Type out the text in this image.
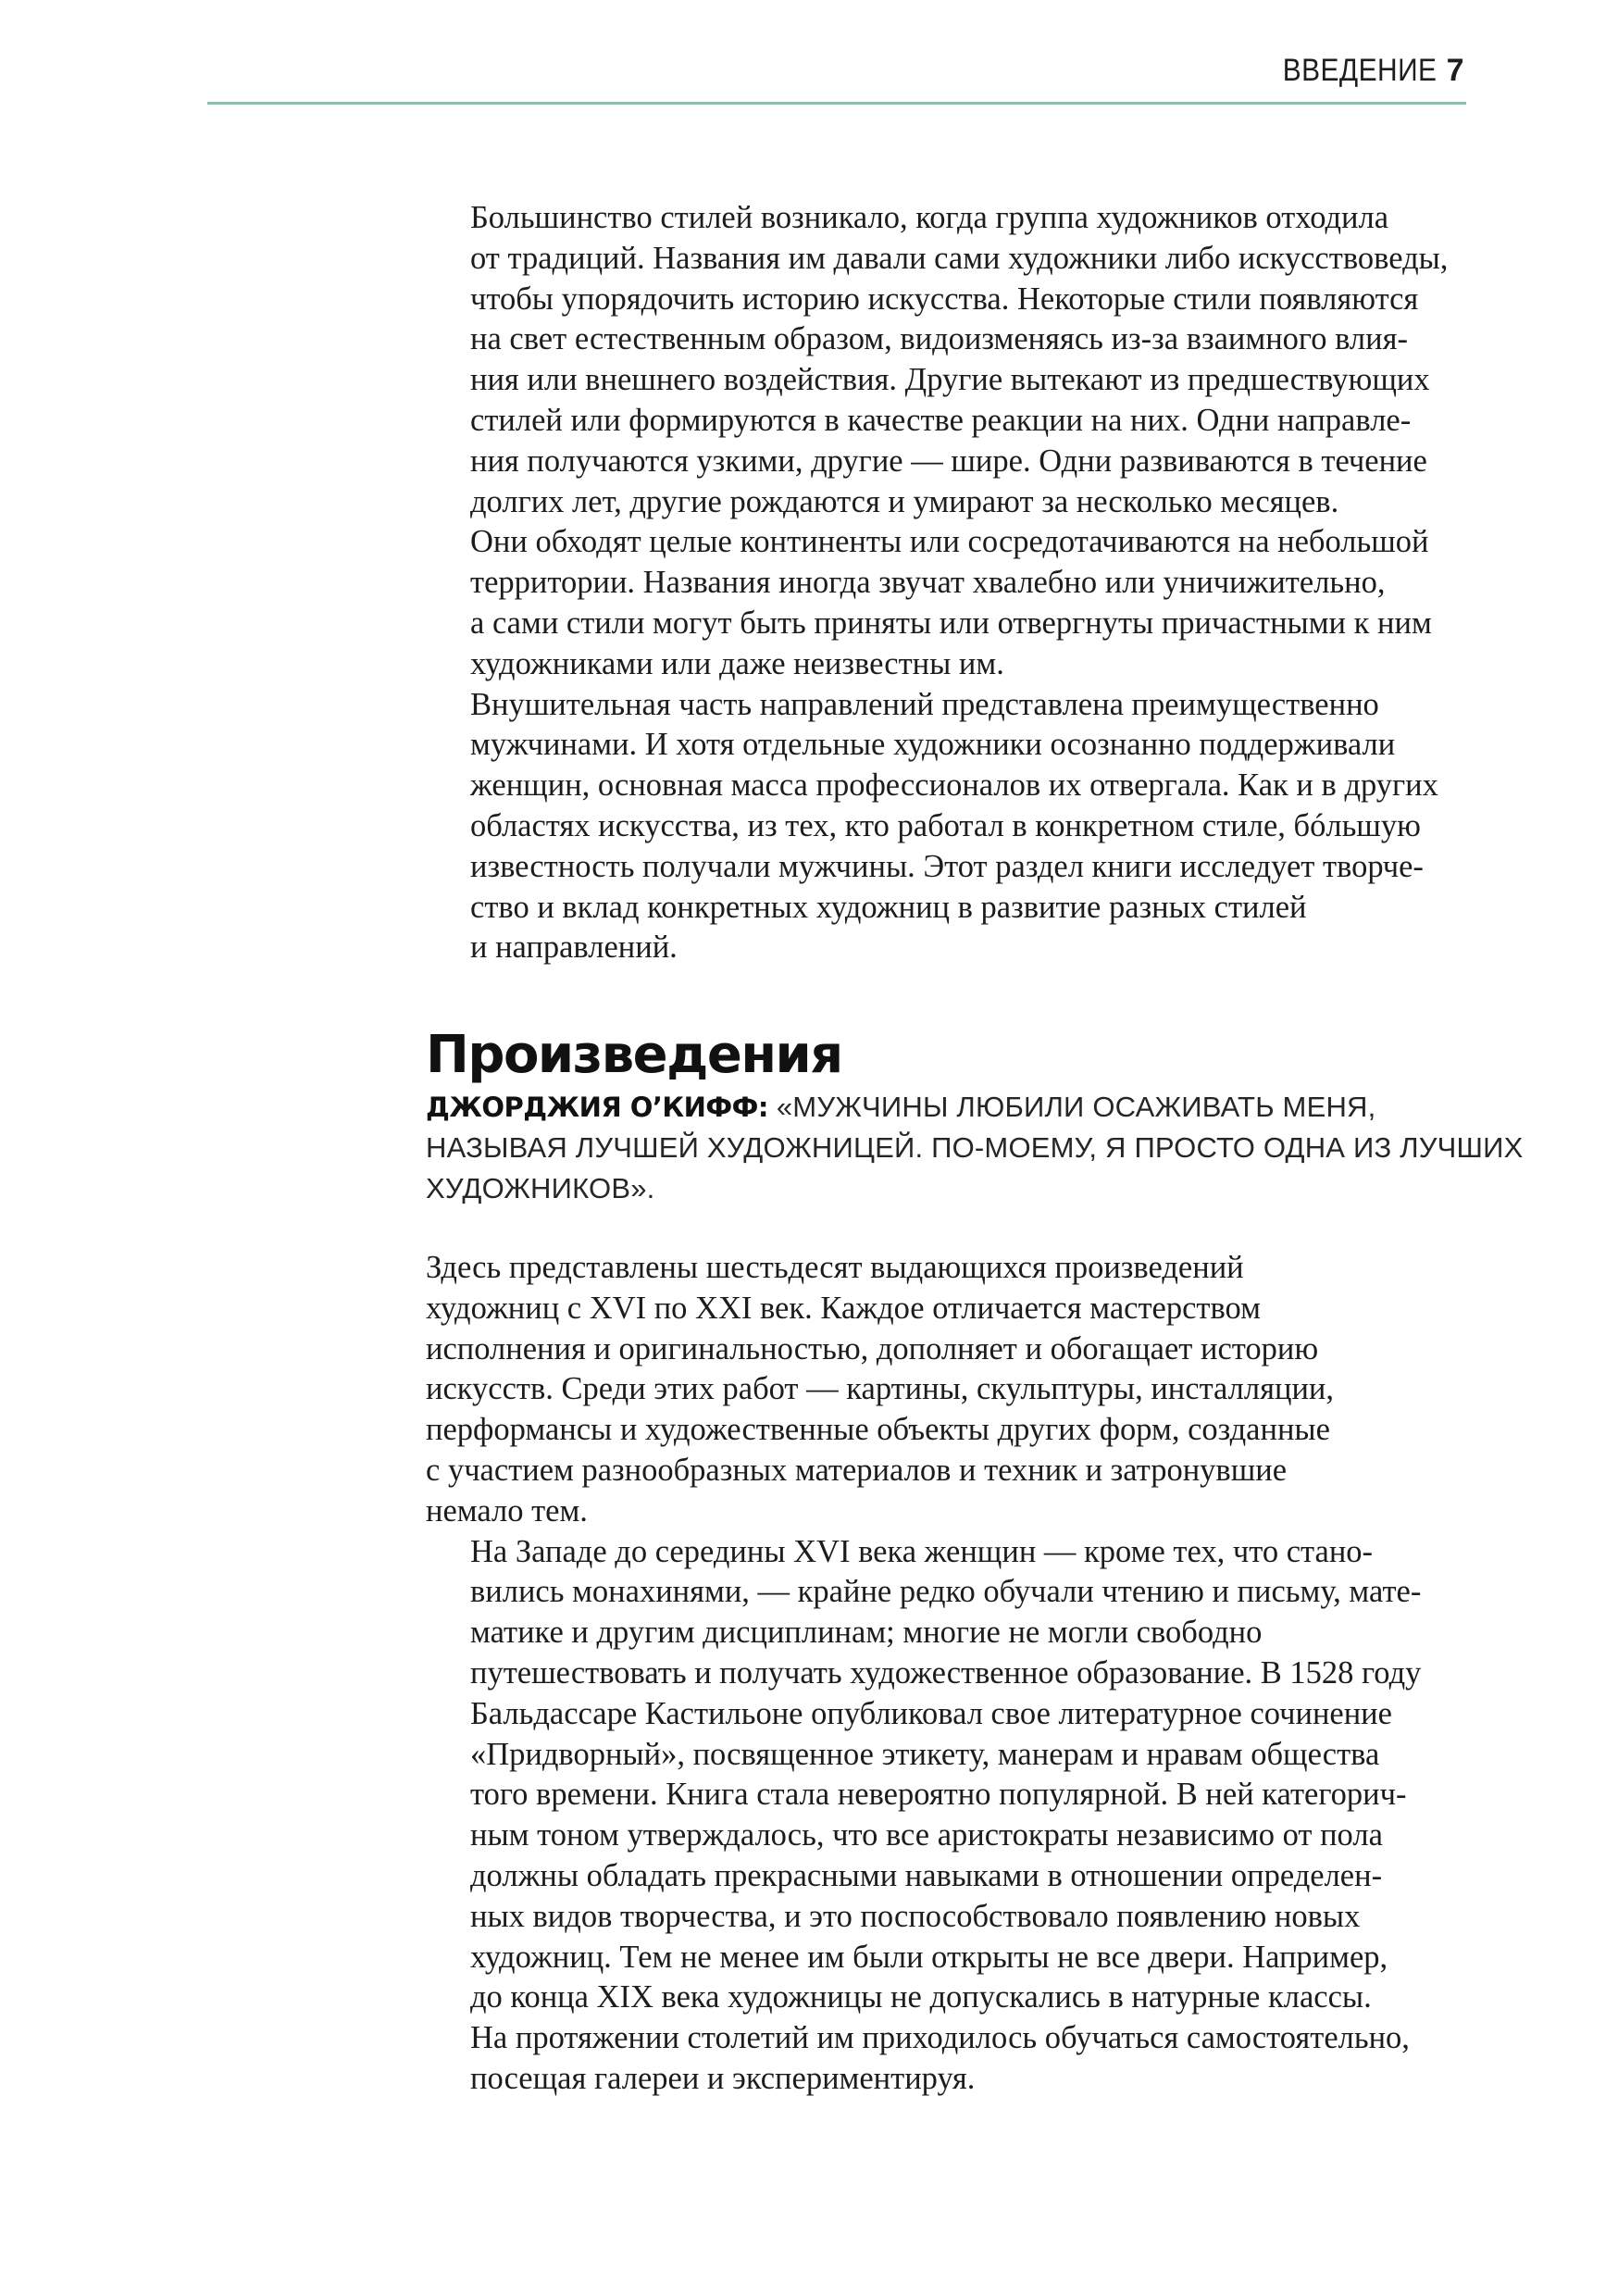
ВВЕДЕНИЕ 7

Большинство стилей возникало, когда группа художников отходила
от традиций. Названия им давали сами художники либо искусствоведы,
чтобы упорядочить историю искусства. Некоторые стили появляются
на свет естественным образом, видоизменяясь из-за взаимного влия-
ния или внешнего воздействия. Другие вытекают из предшествующих
стилей или формируются в качестве реакции на них. Одни направле-
ния получаются узкими, другие — шире. Одни развиваются в течение
долгих лет, другие рождаются и умирают за несколько месяцев.
Они обходят целые континенты или сосредотачиваются на небольшой
территории. Названия иногда звучат хвалебно или уничижительно,
а сами стили могут быть приняты или отвергнуты причастными к ним
художниками или даже неизвестны им.

Внушительная часть направлений представлена преимущественно
мужчинами. И хотя отдельные художники осознанно поддерживали
женщин, основная масса профессионалов их отвергала. Как и в других
областях искусства, из тех, кто работал в конкретном стиле, бóльшую
известность получали мужчины. Этот раздел книги исследует творче-
ство и вклад конкретных художниц в развитие разных стилей
и направлений.

Произведения
ДЖОРДЖИЯ О’КИФФ: «МУЖЧИНЫ ЛЮБИЛИ ОСАЖИВАТЬ МЕНЯ,
НАЗЫВАЯ ЛУЧШЕЙ ХУДОЖНИЦЕЙ. ПО-МОЕМУ, Я ПРОСТО ОДНА ИЗ ЛУЧШИХ
ХУДОЖНИКОВ».

Здесь представлены шестьдесят выдающихся произведений
художниц с XVI по XXI век. Каждое отличается мастерством
исполнения и оригинальностью, дополняет и обогащает историю
искусств. Среди этих работ — картины, скульптуры, инсталляции,
перформансы и художественные объекты других форм, созданные
с участием разнообразных материалов и техник и затронувшие
немало тем.

На Западе до середины XVI века женщин — кроме тех, что стано-
вились монахинями, — крайне редко обучали чтению и письму, мате-
матике и другим дисциплинам; многие не могли свободно
путешествовать и получать художественное образование. В 1528 году
Бальдассаре Кастильоне опубликовал свое литературное сочинение
«Придворный», посвященное этикету, манерам и нравам общества
того времени. Книга стала невероятно популярной. В ней категорич-
ным тоном утверждалось, что все аристократы независимо от пола
должны обладать прекрасными навыками в отношении определен-
ных видов творчества, и это поспособствовало появлению новых
художниц. Тем не менее им были открыты не все двери. Например,
до конца XIX века художницы не допускались в натурные классы.
На протяжении столетий им приходилось обучаться самостоятельно,
посещая галереи и экспериментируя.
